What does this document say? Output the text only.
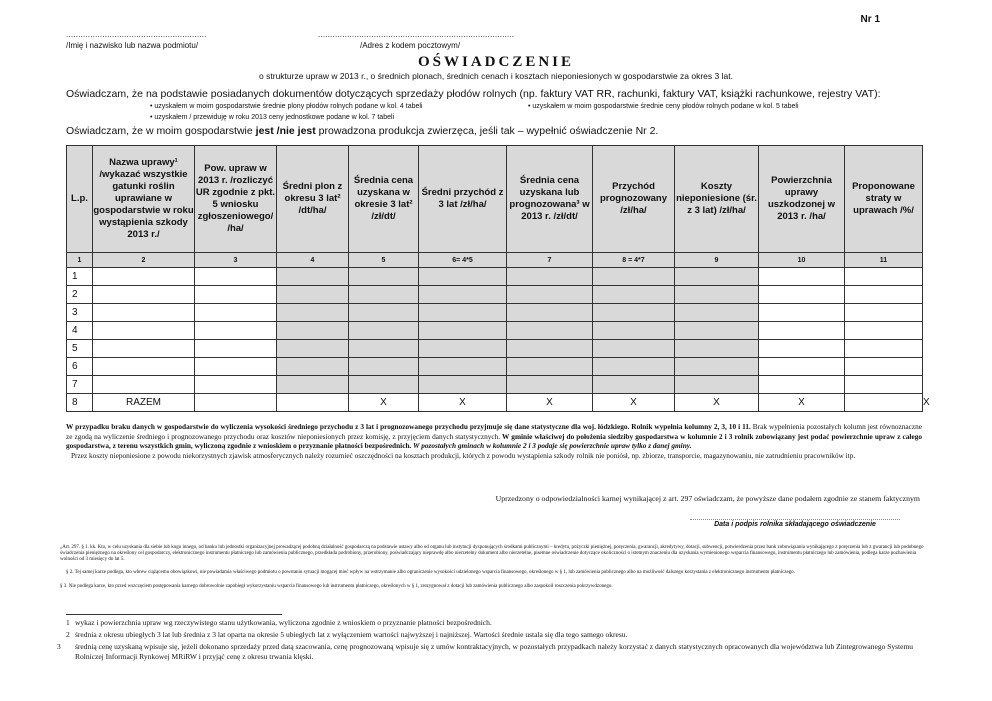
Nr 1
..........................................................	.................................................................................
/Imię i nazwisko lub nazwa podmiotu/	/Adres z kodem pocztowym/
OŚWIADCZENIE
o strukturze upraw w 2013 r., o średnich plonach, średnich cenach i kosztach nieponiesionych w gospodarstwie za okres 3 lat.
Oświadczam, że na podstawie posiadanych dokumentów dotyczących sprzedaży płodów rolnych (np. faktury VAT RR, rachunki, faktury VAT, książki rachunkowe, rejestry VAT):
• uzyskałem w moim gospodarstwie średnie plony płodów rolnych podane w kol. 4 tabeli	• uzyskałem w moim gospodarstwie średnie ceny płodów rolnych podane w kol. 5 tabeli
• uzyskałem / przewiduję w roku 2013 ceny jednostkowe podane w kol. 7 tabeli
Oświadczam, że w moim gospodarstwie jest /nie jest prowadzona produkcja zwierzęca, jeśli tak – wypełnić oświadczenie Nr 2.
L.p.	Nazwa uprawy¹ /wykazać wszystkie gatunki roślin uprawiane w gospodarstwie w roku wystąpienia szkody 2013 r./	Pow. upraw w 2013 r. /rozliczyć UR zgodnie z pkt. 5 wniosku zgłoszeniowego/ /ha/	Średni plon z okresu 3 lat² /dt/ha/	Średnia cena uzyskana w okresie 3 lat² /zł/dt/	Średni przychód z 3 lat /zł/ha/	Średnia cena uzyskana lub prognozowana³ w 2013 r. /zł/dt/	Przychód prognozowany /zł/ha/	Koszty nieponiesione (śr. z 3 lat) /zł/ha/	Powierzchnia uprawy uszkodzonej w 2013 r. /ha/	Proponowane straty w uprawach /%/	
1	2	3	4	5	6= 4*5	7	8 = 4*7	9	10	11	
1											
2											
3											
4											
5											
6											
7											
8	RAZEM			X	X	X	X	X	X		X
W przypadku braku danych w gospodarstwie do wyliczenia wysokości średniego przychodu z 3 lat i prognozowanego przychodu przyjmuje się dane statystyczne dla woj. łódzkiego. Rolnik wypełnia kolumny 2, 3, 10 i 11. Brak wypełnienia pozostałych kolumn jest równoznaczne ze zgodą na wyliczenie średniego i prognozowanego przychodu oraz kosztów nieponiesionych przez komisję, z przyjęciem danych statystycznych. W gminie właściwej do położenia siedziby gospodarstwa w kolumnie 2 i 3 rolnik zobowiązany jest podać powierzchnie upraw z całego gospodarstwa, z terenu wszystkich gmin, wyliczoną zgodnie z wnioskiem o przyznanie płatności bezpośrednich. W pozostałych gminach w kolumnie 2 i 3 podaje się powierzchnie upraw tylko z danej gminy.
Przez koszty nieponiesione z powodu niekorzystnych zjawisk atmosferycznych należy rozumieć oszczędności na kosztach produkcji, których z powodu wystąpienia szkody rolnik nie poniósł, np. zbiorze, transporcie, magazynowaniu, nie zatrudnieniu pracowników itp.
Uprzedzony o odpowiedzialności karnej wynikającej z art. 297 oświadczam, że powyższe dane podałem zgodnie ze stanem faktycznym
Data i podpis rolnika składającego oświadczenie
„Art. 297. § 1. kk. Kto, w celu uzyskania dla siebie lub kogo innego, od banku lub jednostki organizacyjnej prowadzącej podobną działalność gospodarczą na podstawie ustawy albo od organu lub instytucji dysponujących środkami publicznymi – kredytu, pożyczki pieniężnej, poręczenia, gwarancji, akredytywy, dotacji, subwencji, potwierdzenia przez bank zobowiązania wynikającego z poręczenia lub z gwarancji lub podobnego świadczenia pieniężnego na określony cel gospodarczy, elektronicznego instrumentu płatniczego lub zamówienia publicznego, przedkłada podrobiony, przerobiony, poświadczający nieprawdę albo nierzetelny dokument albo nierzetelne, pisemne oświadczenie dotyczące okoliczności o istotnym znaczeniu dla uzyskania wymienionego wsparcia finansowego, instrumentu płatniczego lub zamówienia, podlega karze pozbawienia wolności od 3 miesięcy do lat 5.
§ 2. Tej samej karze podlega, kto wbrew ciążącemu obowiązkowi, nie powiadamia właściwego podmiotu o powstaniu sytuacji mogącej mieć wpływ na wstrzymanie albo ograniczenie wysokości udzielonego wsparcia finansowego, określonego w § 1, lub zamówienia publicznego albo na możliwość dalszego korzystania z elektronicznego instrumentu płatniczego.
§ 3. Nie podlega karze, kto przed wszczęciem postępowania karnego dobrowolnie zapobiegł wykorzystaniu wsparcia finansowego lub instrumentu płatniczego, określonych w § 1, zrezygnował z dotacji lub zamówienia publicznego albo zaspokoił roszczenia pokrzywdzonego.
1 wykaz i powierzchnia upraw wg rzeczywistego stanu użytkowania, wyliczona zgodnie z wnioskiem o przyznanie płatności bezpośrednich.
2 średnia z okresu ubiegłych 3 lat lub średnia z 3 lat oparta na okresie 5 ubiegłych lat z wyłączeniem wartości najwyższej i najniższej. Wartości średnie ustala się dla tego samego okresu.
3 średnią cenę uzyskaną wpisuje się, jeżeli dokonano sprzedaży przed datą szacowania, cenę prognozowaną wpisuje się z umów kontraktacyjnych, w pozostałych przypadkach należy korzystać z danych statystycznych opracowanych dla województwa lub Zintegrowanego Systemu Rolniczej Informacji Rynkowej MRiRW i przyjąć cenę z okresu trwania klęski.
